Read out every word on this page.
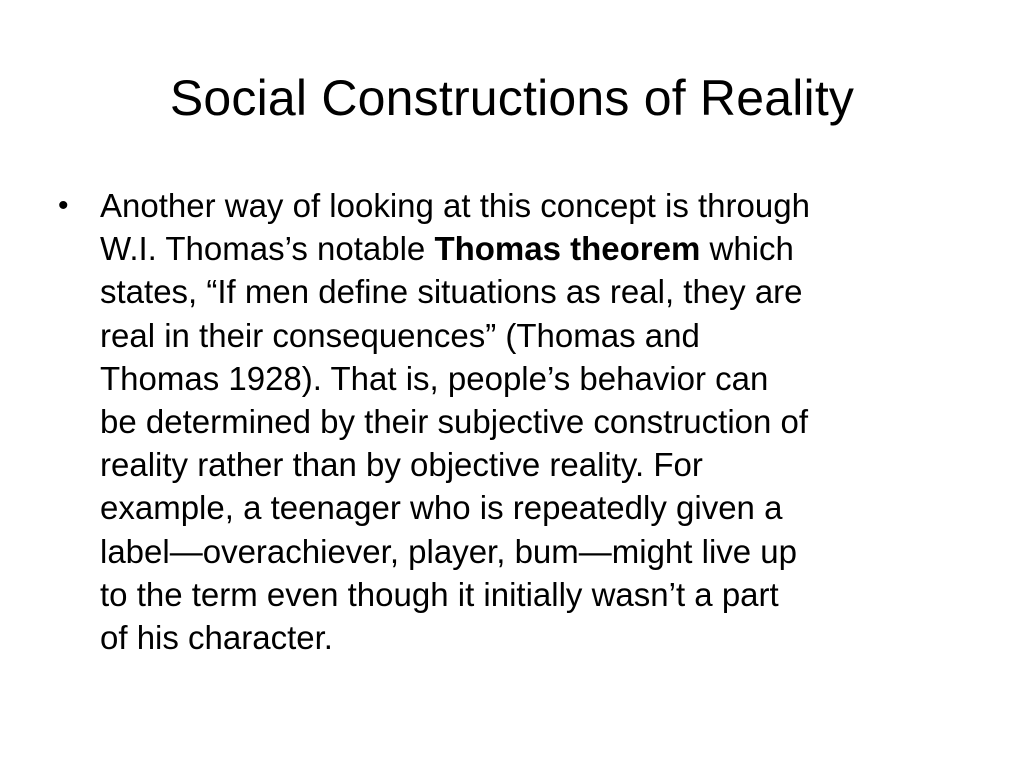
Social Constructions of Reality
• Another way of looking at this concept is through
W.I. Thomas’s notable Thomas theorem which
states, “If men define situations as real, they are
real in their consequences” (Thomas and
Thomas 1928). That is, people’s behavior can
be determined by their subjective construction of
reality rather than by objective reality. For
example, a teenager who is repeatedly given a
label—overachiever, player, bum—might live up
to the term even though it initially wasn’t a part
of his character.
